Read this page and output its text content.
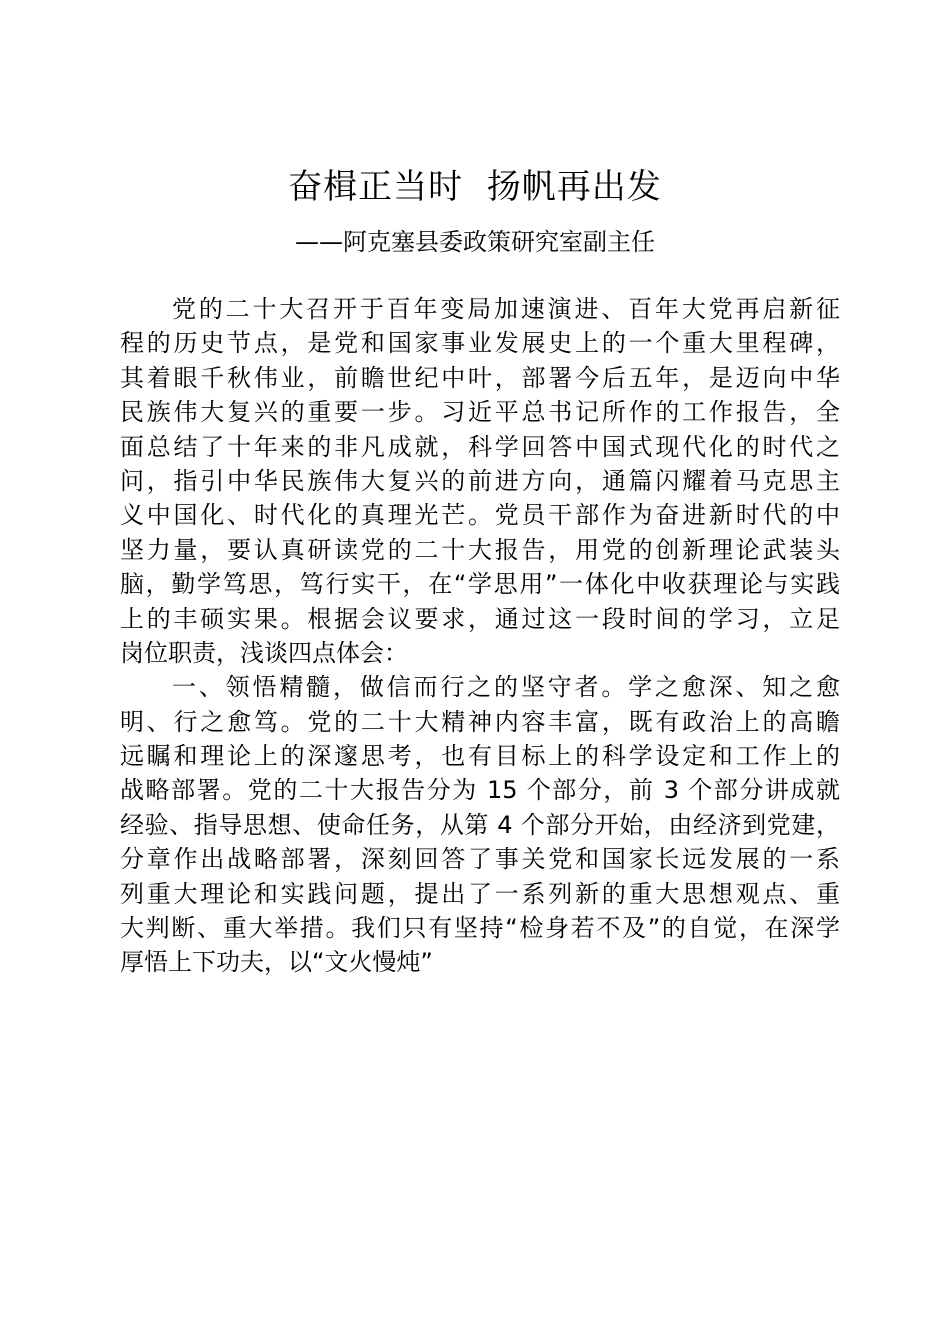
奋楫正当时  扬帆再出发
——阿克塞县委政策研究室副主任
党的二十大召开于百年变局加速演进、百年大党再启新征
程的历史节点，是党和国家事业发展史上的一个重大里程碑，
其着眼千秋伟业，前瞻世纪中叶，部署今后五年，是迈向中华
民族伟大复兴的重要一步。习近平总书记所作的工作报告，全
面总结了十年来的非凡成就，科学回答中国式现代化的时代之
问，指引中华民族伟大复兴的前进方向，通篇闪耀着马克思主
义中国化、时代化的真理光芒。党员干部作为奋进新时代的中
坚力量，要认真研读党的二十大报告，用党的创新理论武装头
脑，勤学笃思，笃行实干，在“学思用”一体化中收获理论与实践
上的丰硕实果。根据会议要求，通过这一段时间的学习，立足
岗位职责，浅谈四点体会：
一、领悟精髓，做信而行之的坚守者。学之愈深、知之愈
明、行之愈笃。党的二十大精神内容丰富，既有政治上的高瞻
远瞩和理论上的深邃思考，也有目标上的科学设定和工作上的
战略部署。党的二十大报告分为 15 个部分，前 3 个部分讲成就
经验、指导思想、使命任务，从第 4 个部分开始，由经济到党建，
分章作出战略部署，深刻回答了事关党和国家长远发展的一系
列重大理论和实践问题，提出了一系列新的重大思想观点、重
大判断、重大举措。我们只有坚持“检身若不及”的自觉，在深学
厚悟上下功夫，以“文火慢炖”
